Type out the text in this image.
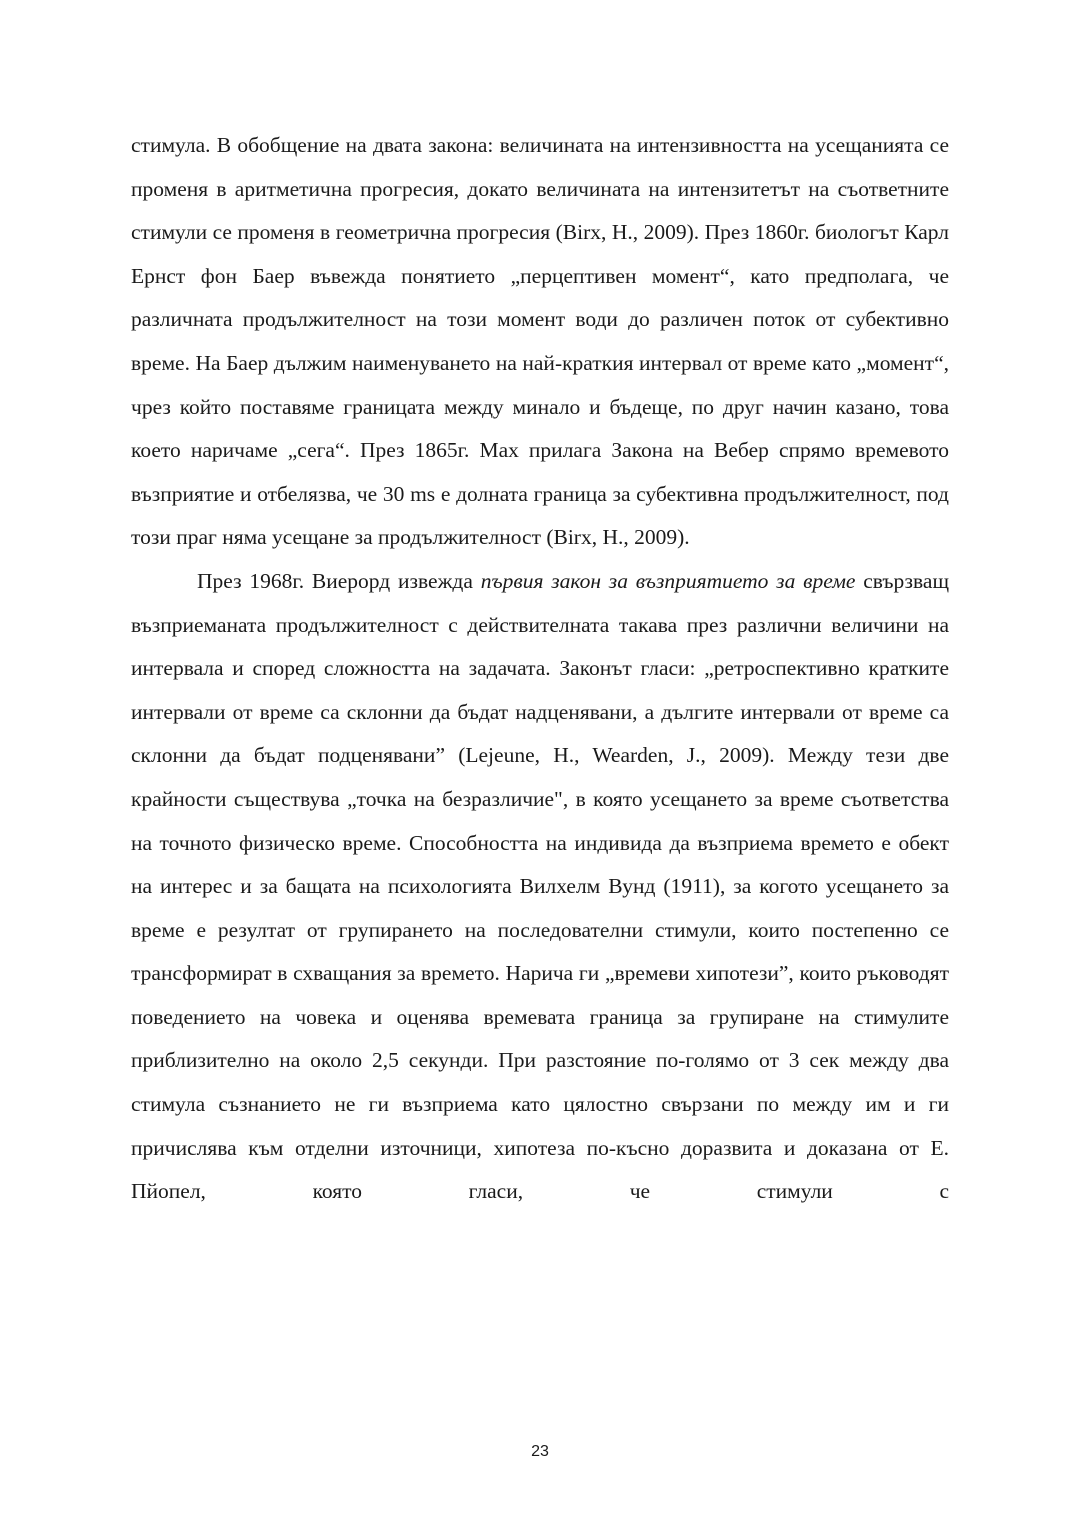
стимула. В обобщение на двата закона: величината на интензивността на усещанията се променя в аритметична прогресия, докато величината на интензитетът на съответните стимули се променя в геометрична прогресия (Birx, H., 2009). През 1860г. биологът Карл Ернст фон Баер въвежда понятието „перцептивен момент“, като предполага, че различната продължителност на този момент води до различен поток от субективно време. На Баер дължим наименуването на най-краткия интервал от време като „момент“, чрез който поставяме границата между минало и бъдеще, по друг начин казано, това което наричаме „сега“. През 1865г. Мах прилага Закона на Вебер спрямо времевото възприятие и отбелязва, че 30 ms е долната граница за субективна продължителност, под този праг няма усещане за продължителност (Birx, H., 2009).

През 1968г. Виерорд извежда първия закон за възприятието за време свързващ възприеманата продължителност с действителната такава през различни величини на интервала и според сложността на задачата. Законът гласи: „ретроспективно кратките интервали от време са склонни да бъдат надценявани, а дългите интервали от време са склонни да бъдат подценявани” (Lejeune, H., Wearden, J., 2009). Между тези две крайности съществува „точка на безразличие", в която усещането за време съответства на точното физическо време. Способността на индивида да възприема времето е обект на интерес и за бащата на психологията Вилхелм Вунд (1911), за когото усещането за време е резултат от групирането на последователни стимули, които постепенно се трансформират в схващания за времето. Нарича ги „времеви хипотези”, които ръководят поведението на човека и оценява времевата граница за групиране на стимулите приблизително на около 2,5 секунди. При разстояние по-голямо от 3 сек между два стимула съзнанието не ги възприема като цялостно свързани по между им и ги причислява към отделни източници, хипотеза по-късно доразвита и доказана от Е. Пйопел, която гласи, че стимули с

23
